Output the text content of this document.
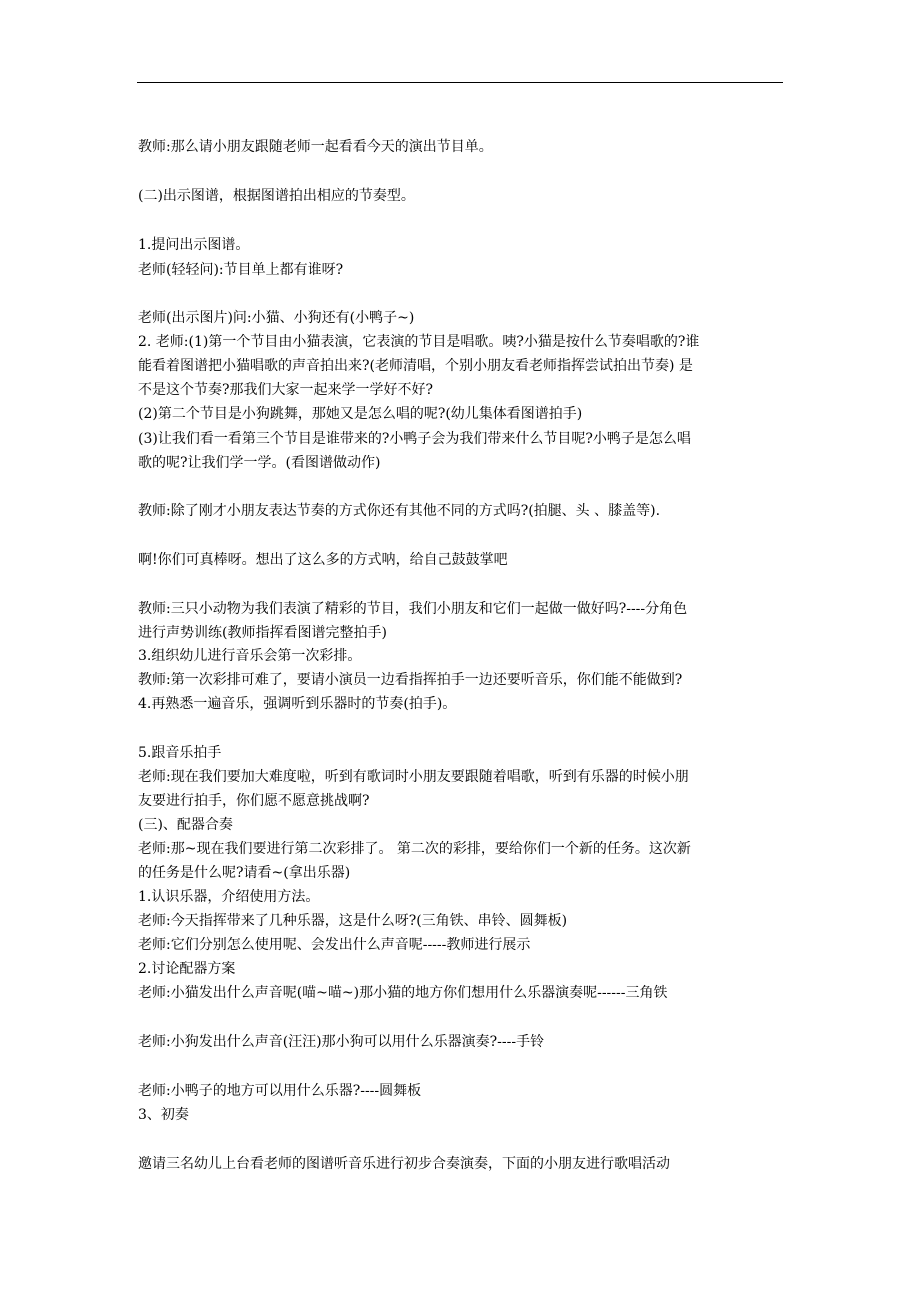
教师:那么请小朋友跟随老师一起看看今天的演出节目单。
(二)出示图谱，根据图谱拍出相应的节奏型。
1.提问出示图谱。
老师(轻轻问):节目单上都有谁呀?
老师(出示图片)问:小猫、小狗还有(小鸭子~)
2. 老师:(1)第一个节目由小猫表演，它表演的节目是唱歌。咦?小猫是按什么节奏唱歌的?谁
能看着图谱把小猫唱歌的声音拍出来?(老师清唱，个别小朋友看老师指挥尝试拍出节奏) 是
不是这个节奏?那我们大家一起来学一学好不好?
(2)第二个节目是小狗跳舞，那她又是怎么唱的呢?(幼儿集体看图谱拍手)
(3)让我们看一看第三个节目是谁带来的?小鸭子会为我们带来什么节目呢?小鸭子是怎么唱
歌的呢?让我们学一学。(看图谱做动作)
教师:除了刚才小朋友表达节奏的方式你还有其他不同的方式吗?(拍腿、头 、膝盖等).
啊!你们可真棒呀。想出了这么多的方式呐，给自己鼓鼓掌吧
教师:三只小动物为我们表演了精彩的节目，我们小朋友和它们一起做一做好吗?----分角色
进行声势训练(教师指挥看图谱完整拍手)
3.组织幼儿进行音乐会第一次彩排。
教师:第一次彩排可难了，要请小演员一边看指挥拍手一边还要听音乐，你们能不能做到?
4.再熟悉一遍音乐，强调听到乐器时的节奏(拍手)。
5.跟音乐拍手
老师:现在我们要加大难度啦，听到有歌词时小朋友要跟随着唱歌，听到有乐器的时候小朋
友要进行拍手，你们愿不愿意挑战啊?
(三)、配器合奏
老师:那~现在我们要进行第二次彩排了。 第二次的彩排，要给你们一个新的任务。这次新
的任务是什么呢?请看~(拿出乐器)
1.认识乐器，介绍使用方法。
老师:今天指挥带来了几种乐器，这是什么呀?(三角铁、串铃、圆舞板)
老师:它们分别怎么使用呢、会发出什么声音呢-----教师进行展示
2.讨论配器方案
老师:小猫发出什么声音呢(喵~喵~)那小猫的地方你们想用什么乐器演奏呢------三角铁
老师:小狗发出什么声音(汪汪)那小狗可以用什么乐器演奏?----手铃
老师:小鸭子的地方可以用什么乐器?----圆舞板
3、初奏
邀请三名幼儿上台看老师的图谱听音乐进行初步合奏演奏，下面的小朋友进行歌唱活动
